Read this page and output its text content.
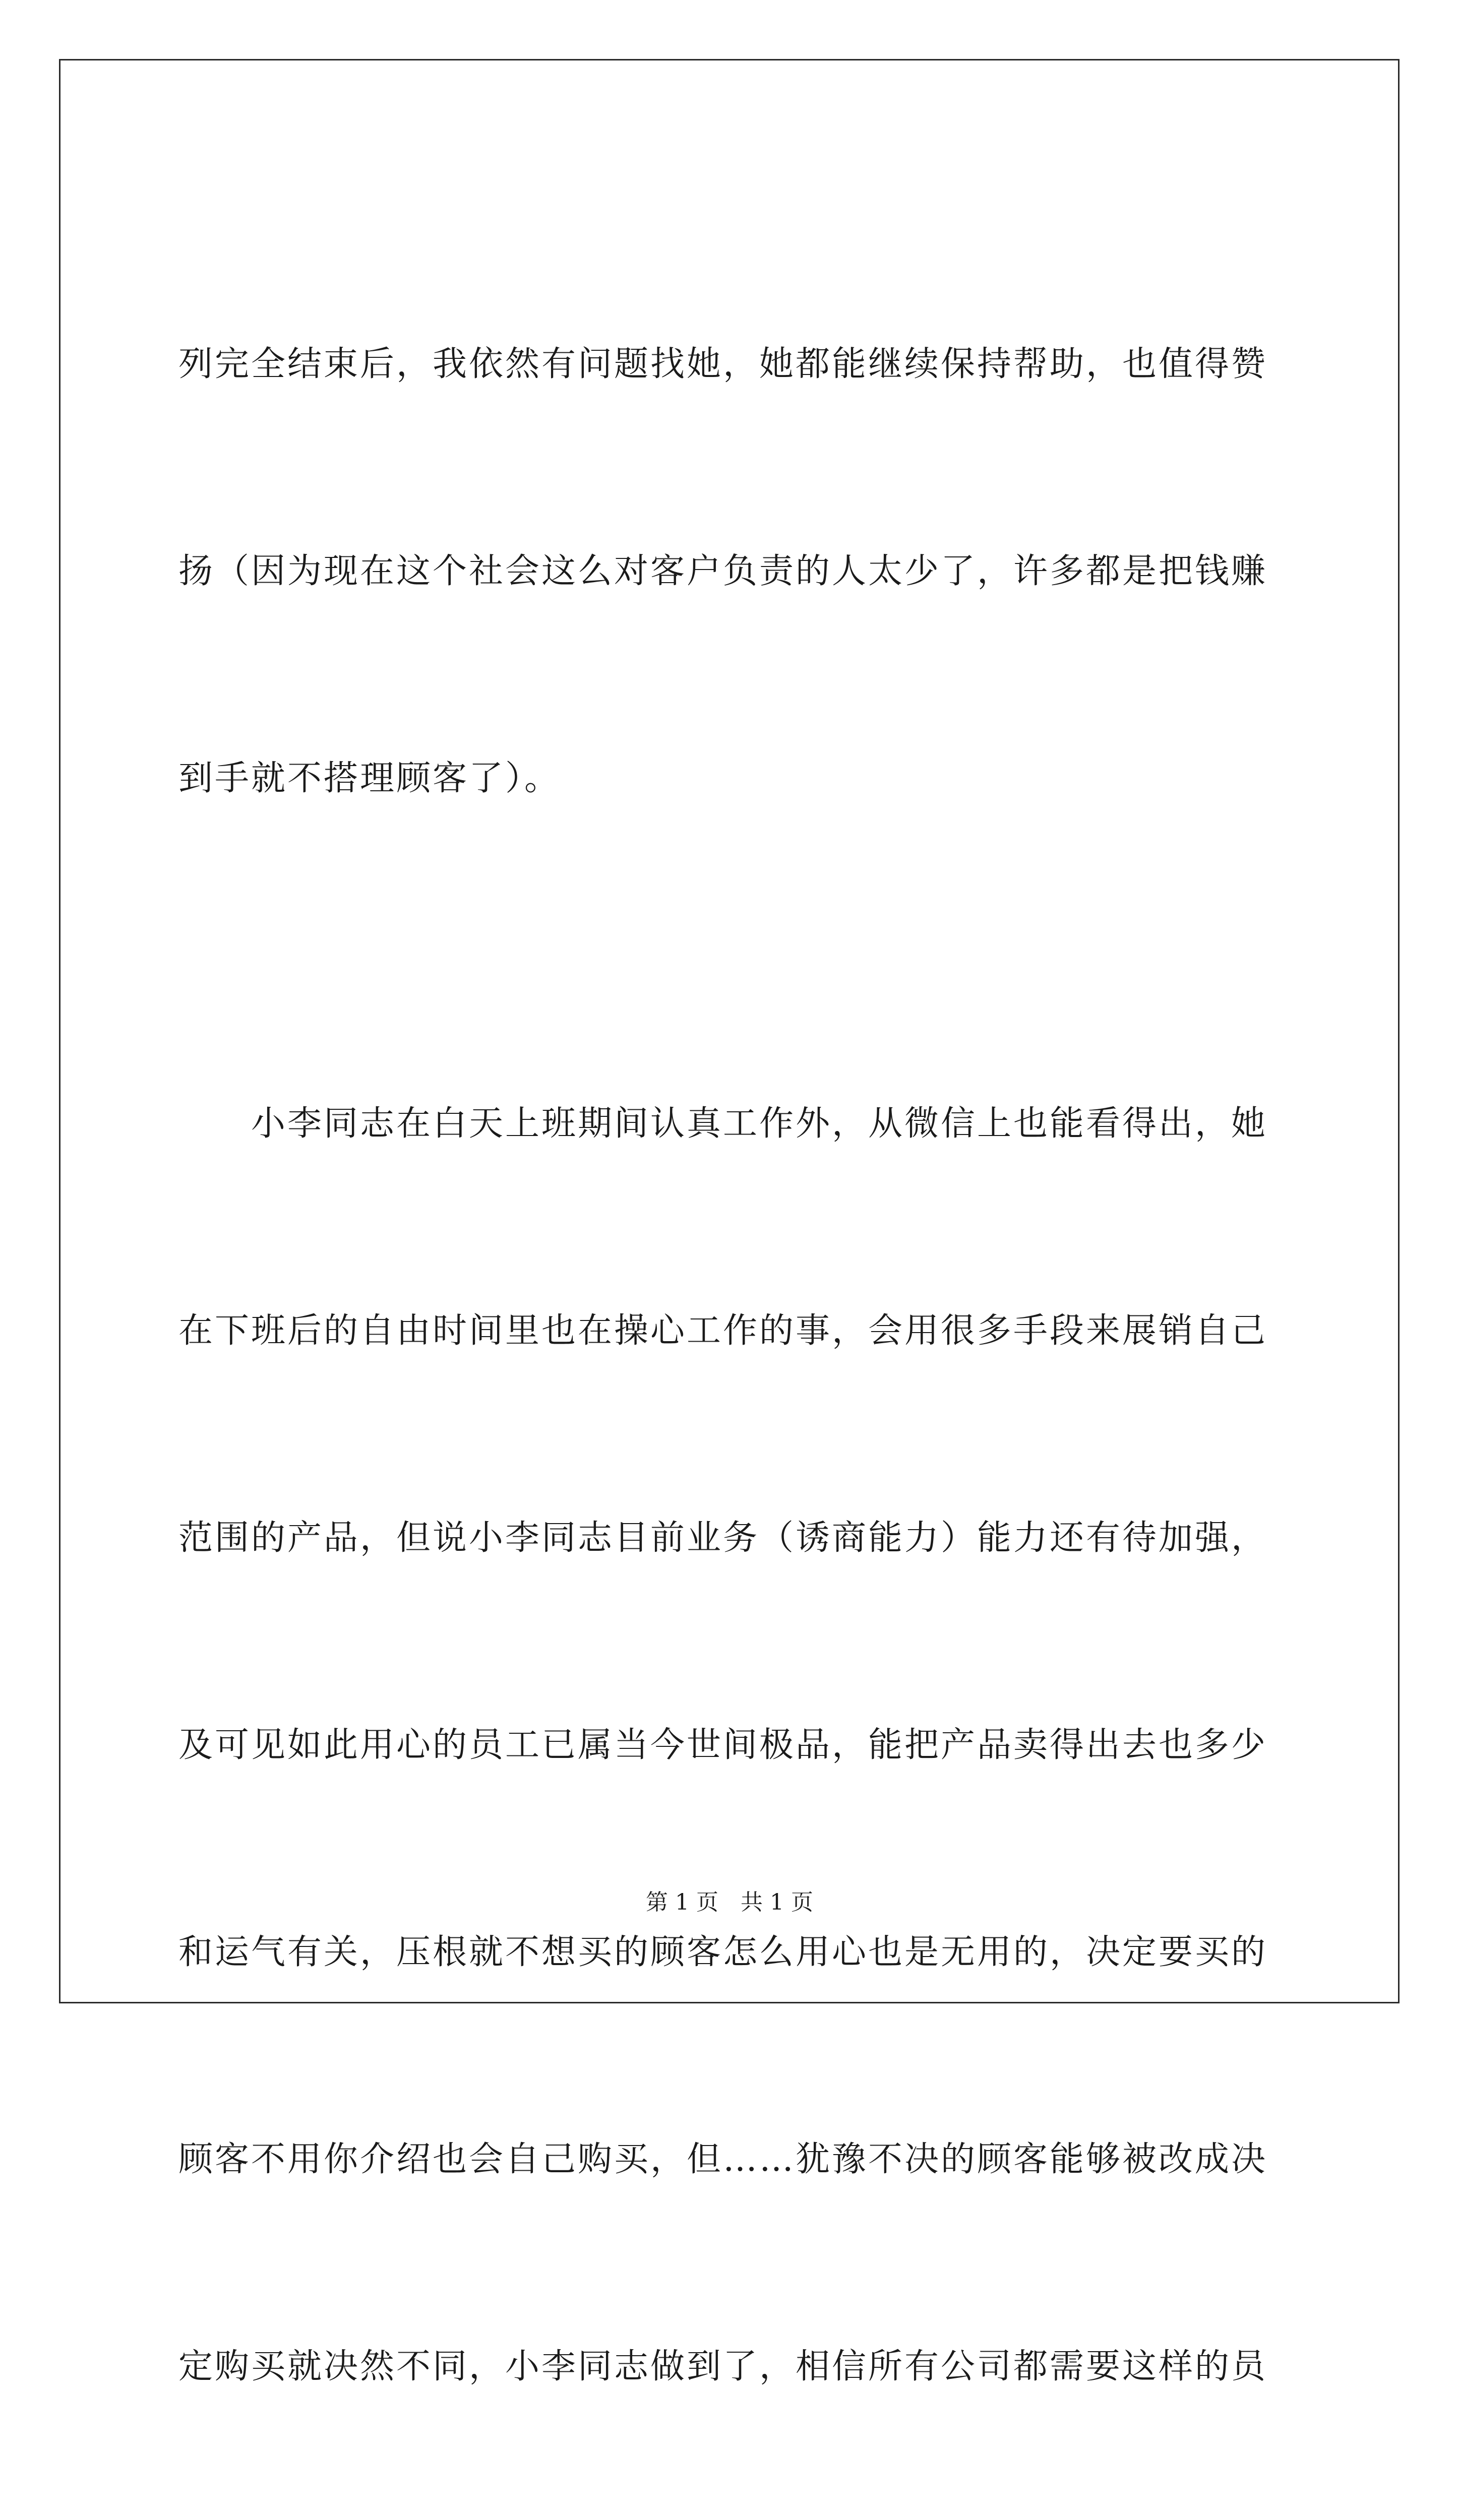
列完全结束后，我依然有问题找她，她都能继续保持帮助，也值得赞

扬（因为现在这个社会这么对客户负责的人太少了，许多都是把钱赚

到手就不搭理顾客了）。

　　小李同志在白天上班期间认真工作外，从微信上也能看得出，她

在下班后的自由时间里也在操心工作的事，会用很多手段来展销自己

范围的产品，但说小李同志目前业务（诱商能力）能力还有待加强，

及可见如此用心的员工已属当今世间极品，能把产品卖得出去也多少

和运气有关，压根就不想买的顾客怎么用心也是无用的，决定要买的

顾客不用你介绍也会自己购买，但……犹豫不决的顾客能够被改成决

定购买就决然不同，小李同志做到了，相信所有公司都需要这样的员

第 1 页　共 1 页
